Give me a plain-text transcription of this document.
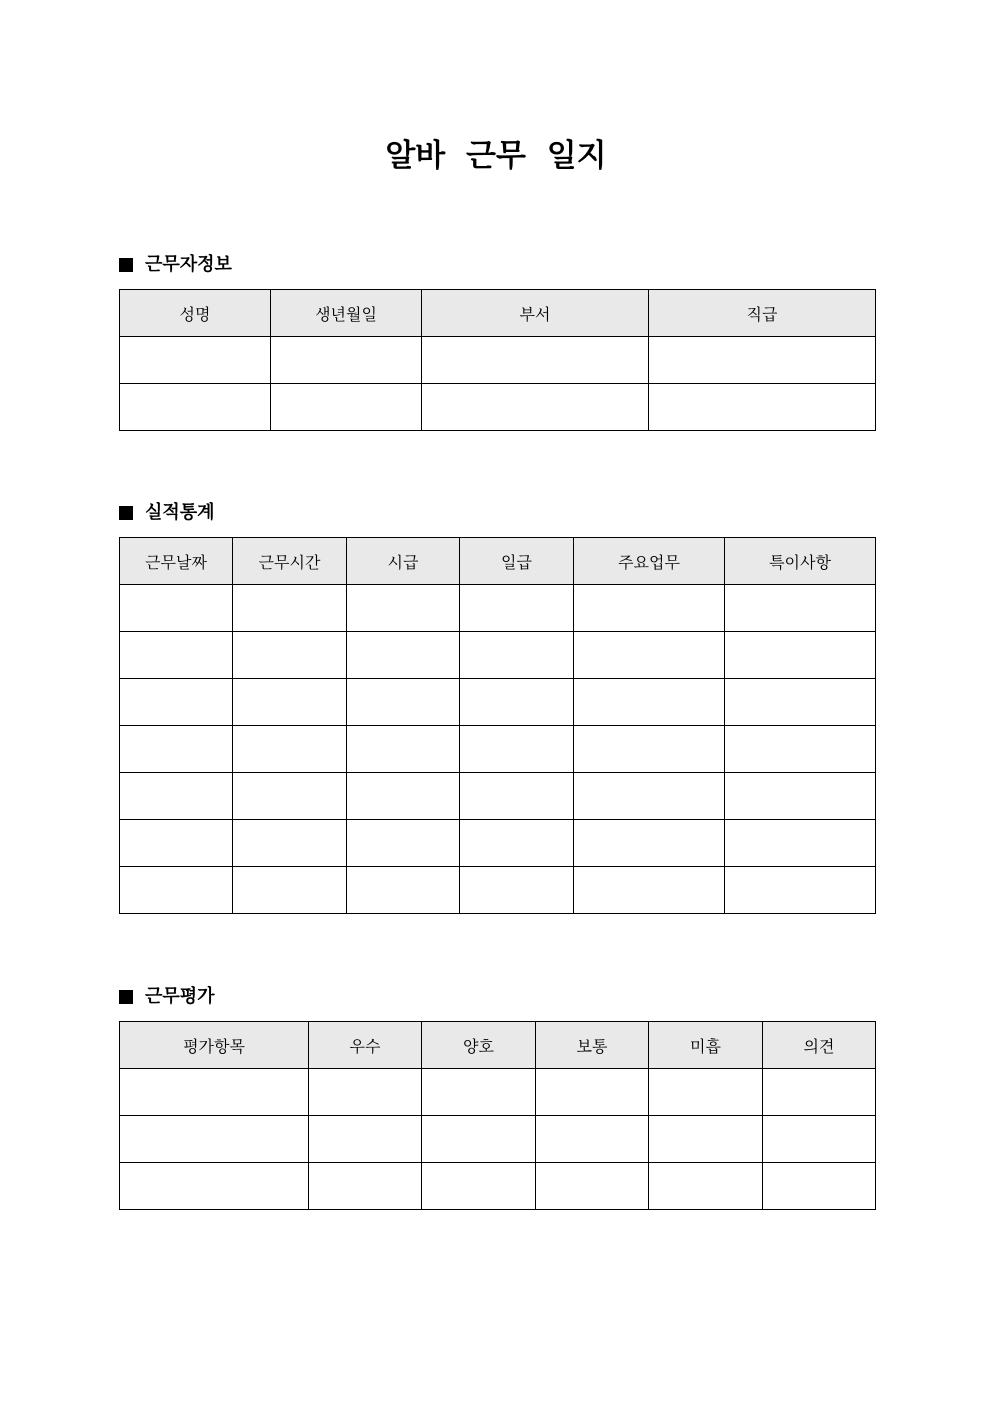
알바 근무 일지
근무자정보
성명	생년월일	부서	직급

실적통계
근무날짜	근무시간	시급	일급	주요업무	특이사항

근무평가
평가항목	우수	양호	보통	미흡	의견
